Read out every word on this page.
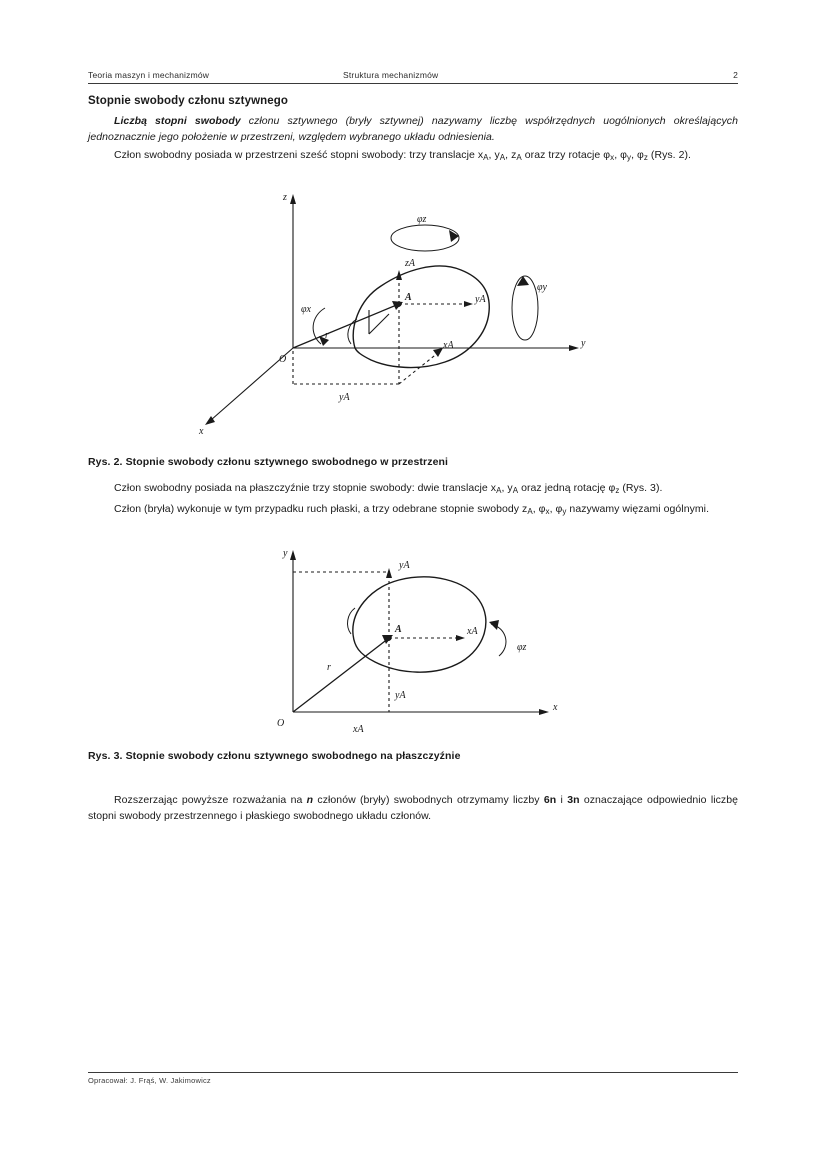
Teoria maszyn i mechanizmów	Struktura mechanizmów	2
Stopnie swobody członu sztywnego

Liczbą stopni swobody członu sztywnego (bryły sztywnej) nazywamy liczbę współrzędnych uogólnionych określających jednoznacznie jego położenie w przestrzeni, względem wybranego układu odniesienia.

Człon swobodny posiada w przestrzeni sześć stopni swobody: trzy translacje $x_A$, $y_A$, $z_A$ oraz trzy rotacje $\varphi_x$, $\varphi_y$, $\varphi_z$ (Rys. 2).

z
y
x
O
A
φz
φy
φx
zA
yA
xA
yA
r

Rys. 2. Stopnie swobody członu sztywnego swobodnego w przestrzeni

Człon swobodny posiada na płaszczyźnie trzy stopnie swobody: dwie translacje $x_A$, $y_A$ oraz jedną rotację $\varphi_z$ (Rys. 3).

Człon (bryła) wykonuje w tym przypadku ruch płaski, a trzy odebrane stopnie swobody $z_A$, $\varphi_x$, $\varphi_y$ nazywamy więzami ogólnymi.

y
x
O
A
yA
xA
yA
xA
r
φz

Rys. 3. Stopnie swobody członu sztywnego swobodnego na płaszczyźnie

Rozszerzając powyższe rozważania na n członów (bryły) swobodnych otrzymamy liczby 6n i 3n oznaczające odpowiednio liczbę stopni swobody przestrzennego i płaskiego swobodnego układu członów.

Opracował: J. Frąś, W. Jakimowicz
